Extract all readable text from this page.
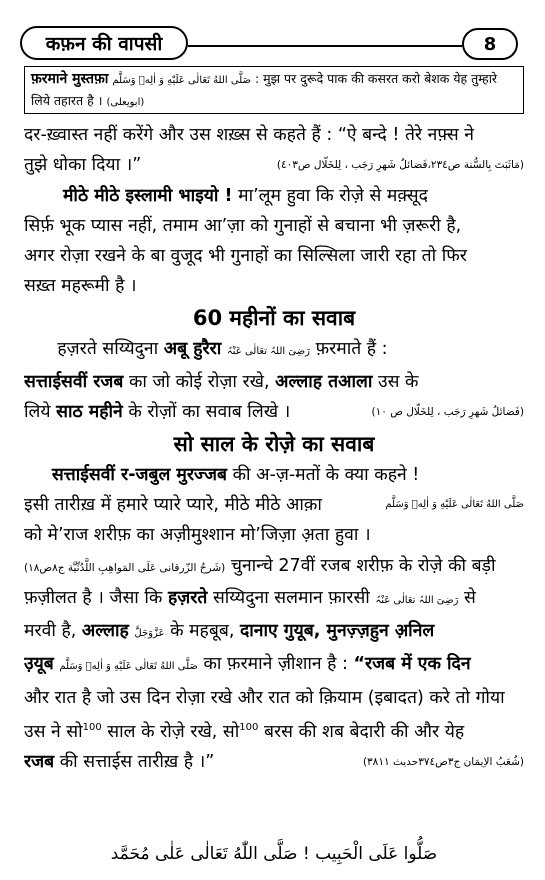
कफ़न की वापसी	8
फ़रमाने मुस्तफ़ा صَلَّى اللهُ تَعَالٰى عَلَيْهِ وَ اٰلِهٖ وَسَلَّم : मुझ पर दुरूदे पाक की कसरत करो बेशक येह तुम्हारे लिये तहारत है । (ابویعلی)
दर-ख़्वास्त नहीं करेंगे और उस शख़्स से कहते हैं : “ऐ बन्दे ! तेरे नफ़्स ने
तुझे धोका दिया ।”	(مَاثَبَتَ بِالسُّنة ص۲۳٤،فَضائلُ شَهرِ رَجَب ، لِلخَلّال ص٤٠٣)
मीठे मीठे इस्लामी भाइयो ! मा’लूम हुवा कि रोज़े से मक़्सूद
सिर्फ़ भूक प्यास नहीं, तमाम आ’ज़ा को गुनाहों से बचाना भी ज़रूरी है,
अगर रोज़ा रखने के बा वुजूद भी गुनाहों का सिल्सिला जारी रहा तो फिर
सख़्त महरूमी है ।
60 महीनों का सवाब
हज़रते सय्यिदुना अबू हुरैरा رَضِیَ اللہُ تعَالٰی عَنْہُ फ़रमाते हैं :
सत्ताईसवीं रजब का जो कोई रोज़ा रखे, अल्लाह तआला उस के
लिये साठ महीने के रोज़ों का सवाब लिखे ।	(فَضائلُ شَهرِ رَجَب ، لِلخَلّال ص ١٠)
सो साल के रोज़े का सवाब
सत्ताईसवीं र-जबुल मुरज्जब की अ-ज़-मतों के क्या कहने !
इसी तारीख़ में हमारे प्यारे प्यारे, मीठे मीठे आक़ा	صَلَّى اللهُ تَعَالٰى عَلَيْهِ وَ اٰلِهٖ وَسَلَّم
को मे’राज शरीफ़ का अज़ीमुश्शान मो’जिज़ा अ़ता हुवा ।
(شَرحُ الزّرقانی عَلَی المَواهِبِ اللَّدُنِّیَّة ج۸ص۱۸) चुनान्चे 27वीं रजब शरीफ़ के रोज़े की बड़ी
फ़ज़ीलत है । जैसा कि हज़रते सय्यिदुना सलमान फ़ारसी رَضِیَ اللہُ تعَالٰی عَنْہُ से
मरवी है, अल्लाह عَزَّوَجَلَّ के महबूब, दानाए गुयूब, मुनज़्ज़हुन अ़निल
उ़यूब صَلَّى اللهُ تَعَالٰى عَلَيْهِ وَ اٰلِهٖ وَسَلَّم का फ़रमाने ज़ीशान है : “रजब में एक दिन
और रात है जो उस दिन रोज़ा रखे और रात को क़ियाम (इबादत) करे तो गोया
उस ने सो$^{100}$ साल के रोज़े रखे, सो$^{100}$ बरस की शब बेदारी की और येह
रजब की सत्ताईस तारीख़ है ।”	(شُعَبُ الاِيمَان ج٣ص٣٧٤حديث ٣٨١١)
صَلُّوا عَلَى الْحَبِيب ! صَلَّى اللّٰهُ تَعَالٰی عَلٰی مُحَمَّد
